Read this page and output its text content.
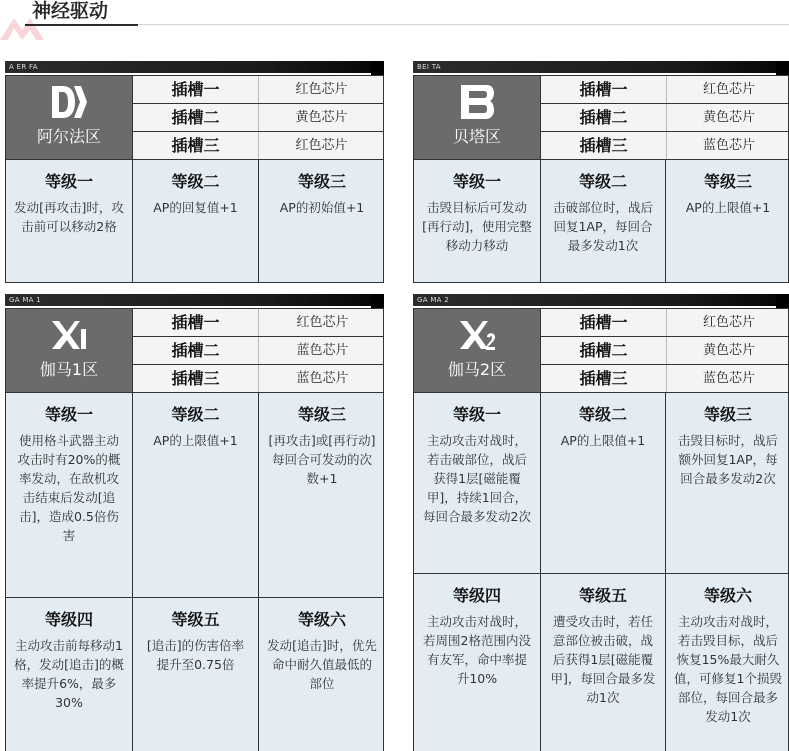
神经驱动
A ER FA
阿尔法区
插槽一	红色芯片
插槽二	黄色芯片
插槽三	红色芯片
等级一
发动[再攻击]时，攻击前可以移动2格
等级二
AP的回复值+1
等级三
AP的初始值+1
BEI TA
贝塔区
插槽一	红色芯片
插槽二	黄色芯片
插槽三	蓝色芯片
等级一
击毁目标后可发动[再行动]，使用完整移动力移动
等级二
击破部位时，战后回复1AP，每回合最多发动1次
等级三
AP的上限值+1
GA MA 1
伽马1区
插槽一	红色芯片
插槽二	蓝色芯片
插槽三	蓝色芯片
等级一
使用格斗武器主动攻击时有20%的概率发动，在敌机攻击结束后发动[追击]，造成0.5倍伤害
等级二
AP的上限值+1
等级三
[再攻击]或[再行动]每回合可发动的次数+1
等级四
主动攻击前每移动1格，发动[追击]的概率提升6%，最多30%
等级五
[追击]的伤害倍率提升至0.75倍
等级六
发动[追击]时，优先命中耐久值最低的部位
GA MA 2
伽马2区
插槽一	红色芯片
插槽二	黄色芯片
插槽三	蓝色芯片
等级一
主动攻击对战时，若击破部位，战后获得1层[磁能覆甲]，持续1回合，每回合最多发动2次
等级二
AP的上限值+1
等级三
击毁目标时，战后额外回复1AP，每回合最多发动2次
等级四
主动攻击对战时，若周围2格范围内没有友军，命中率提升10%
等级五
遭受攻击时，若任意部位被击破，战后获得1层[磁能覆甲]，每回合最多发动1次
等级六
主动攻击对战时，若击毁目标，战后恢复15%最大耐久值，可修复1个损毁部位，每回合最多发动1次
